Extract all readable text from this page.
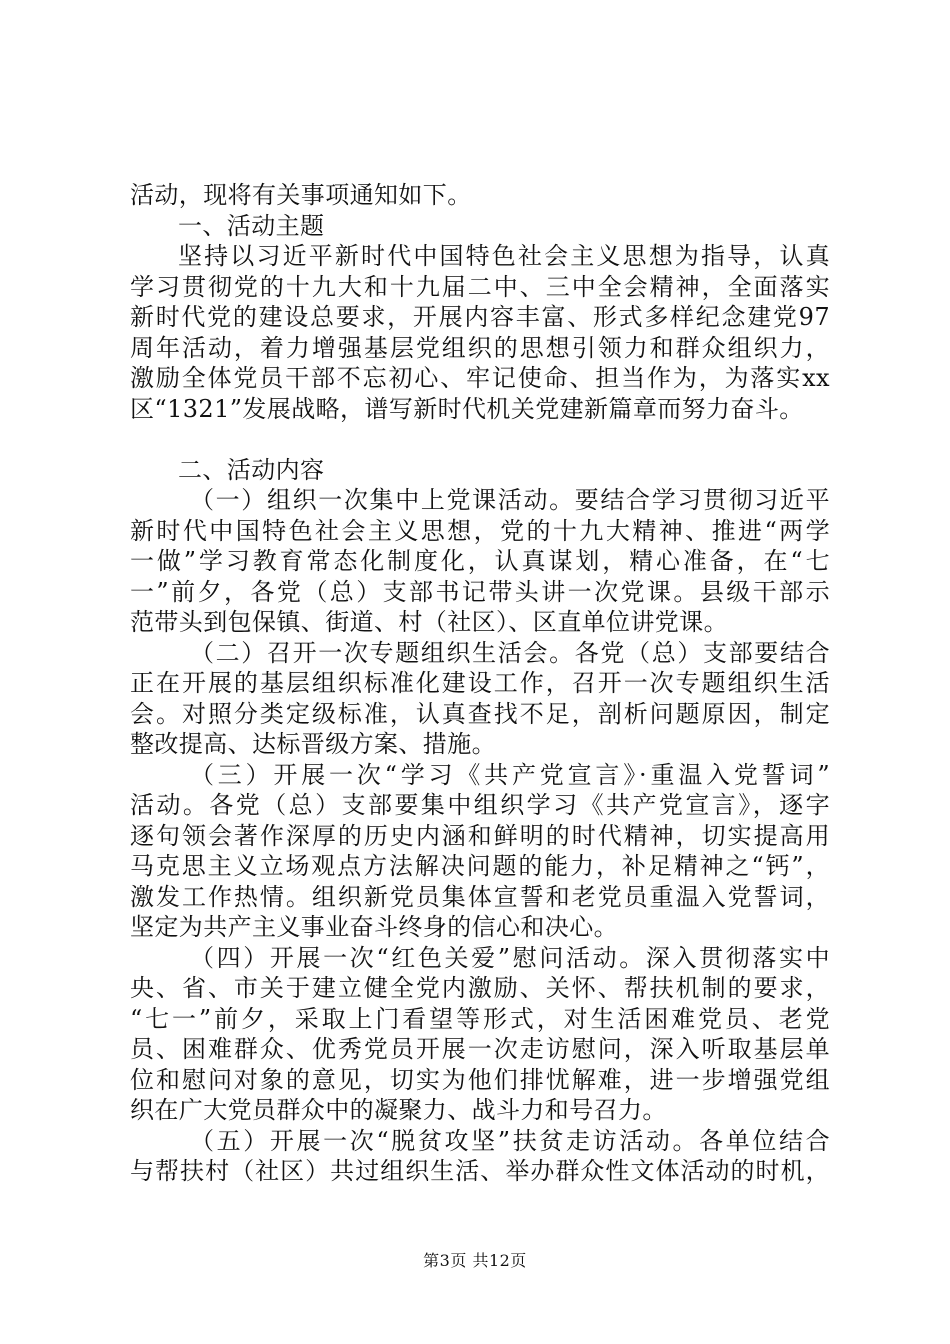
活动，现将有关事项通知如下。
一、活动主题
坚持以习近平新时代中国特色社会主义思想为指导，认真
学习贯彻党的十九大和十九届二中、三中全会精神，全面落实
新时代党的建设总要求，开展内容丰富、形式多样纪念建党97
周年活动，着力增强基层党组织的思想引领力和群众组织力，
激励全体党员干部不忘初心、牢记使命、担当作为，为落实xx
区“1321”发展战略，谱写新时代机关党建新篇章而努力奋斗。
二、活动内容
（一）组织一次集中上党课活动。要结合学习贯彻习近平
新时代中国特色社会主义思想，党的十九大精神、推进“两学
一做”学习教育常态化制度化，认真谋划，精心准备，在“七
一”前夕，各党（总）支部书记带头讲一次党课。县级干部示
范带头到包保镇、街道、村（社区）、区直单位讲党课。
（二）召开一次专题组织生活会。各党（总）支部要结合
正在开展的基层组织标准化建设工作，召开一次专题组织生活
会。对照分类定级标准，认真查找不足，剖析问题原因，制定
整改提高、达标晋级方案、措施。
（三）开展一次“学习《共产党宣言》·重温入党誓词”
活动。各党（总）支部要集中组织学习《共产党宣言》，逐字
逐句领会著作深厚的历史内涵和鲜明的时代精神，切实提高用
马克思主义立场观点方法解决问题的能力，补足精神之“钙”，
激发工作热情。组织新党员集体宣誓和老党员重温入党誓词，
坚定为共产主义事业奋斗终身的信心和决心。
（四）开展一次“红色关爱”慰问活动。深入贯彻落实中
央、省、市关于建立健全党内激励、关怀、帮扶机制的要求，
“七一”前夕，采取上门看望等形式，对生活困难党员、老党
员、困难群众、优秀党员开展一次走访慰问，深入听取基层单
位和慰问对象的意见，切实为他们排忧解难，进一步增强党组
织在广大党员群众中的凝聚力、战斗力和号召力。
（五）开展一次“脱贫攻坚”扶贫走访活动。各单位结合
与帮扶村（社区）共过组织生活、举办群众性文体活动的时机，
第3页 共12页
